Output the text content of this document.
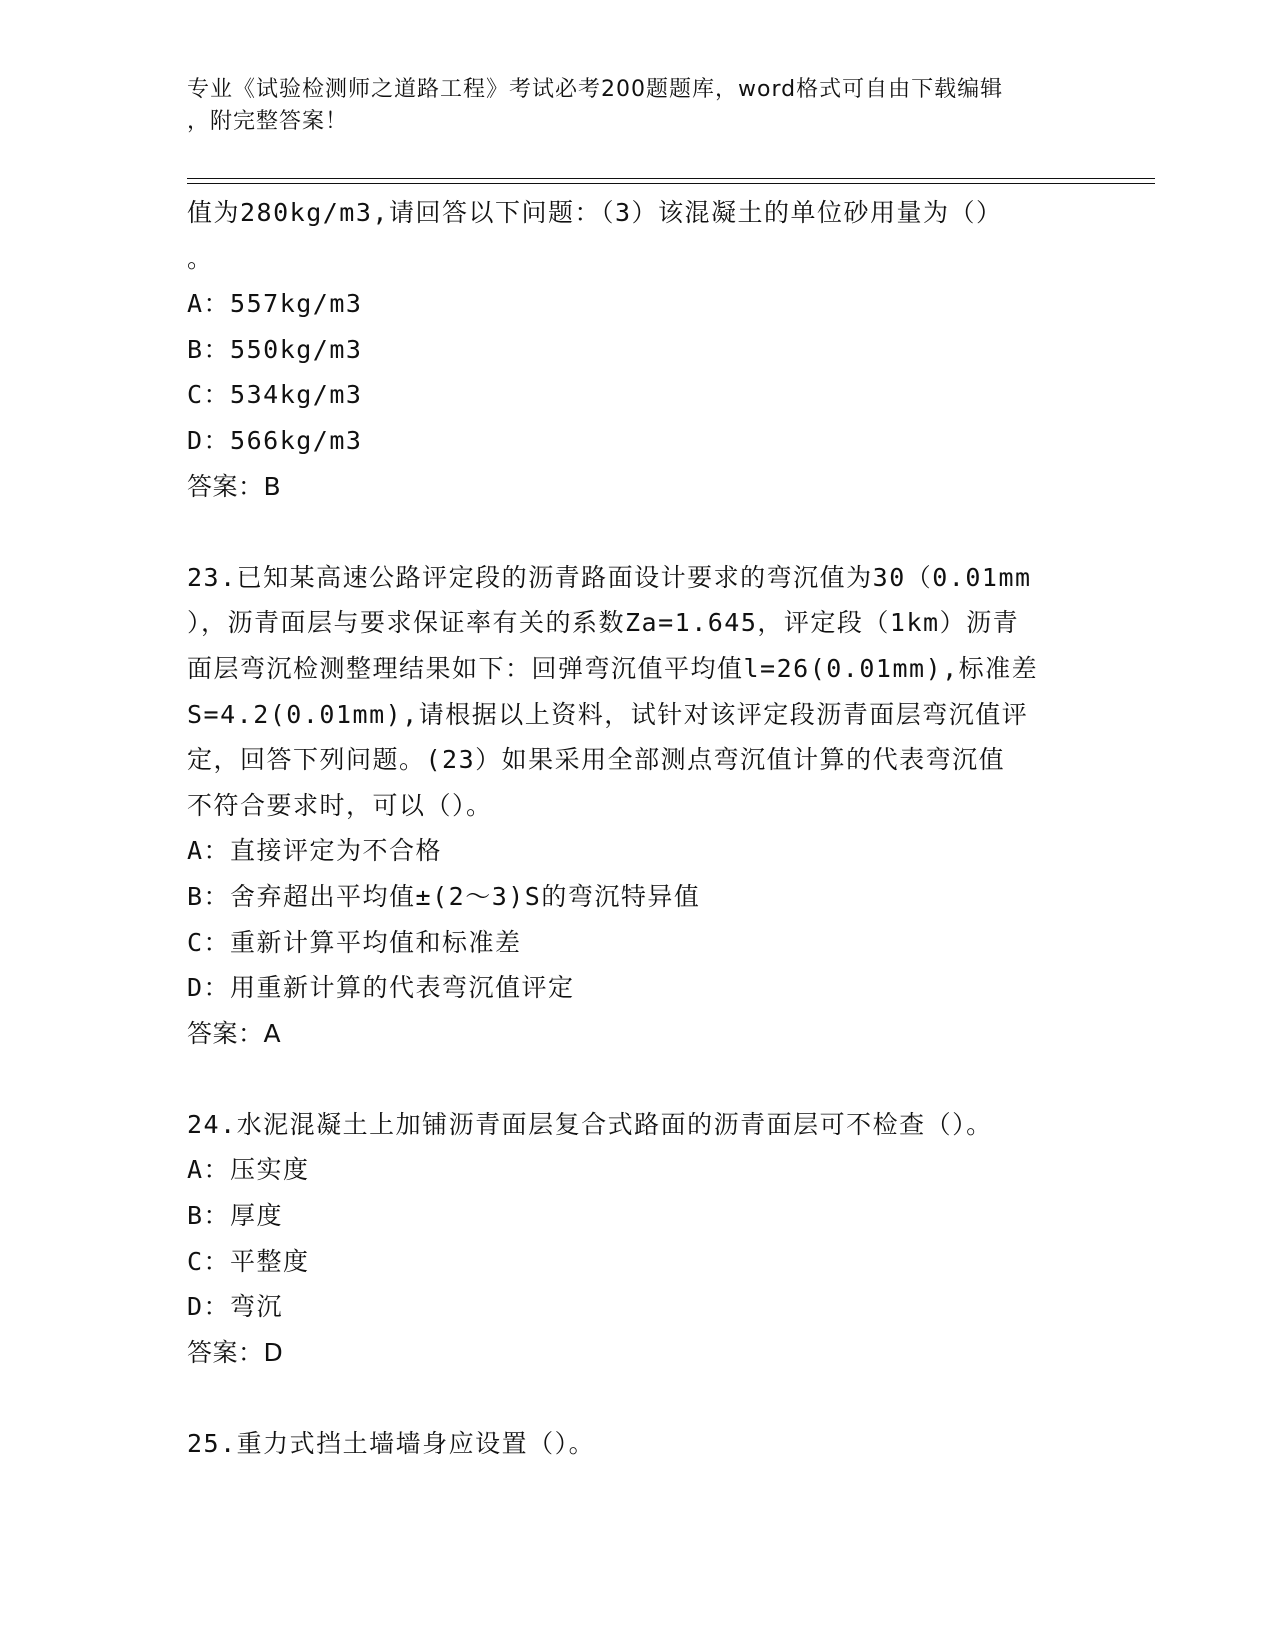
专业《试验检测师之道路工程》考试必考200题题库，word格式可自由下载编辑
，附完整答案！
值为280kg/m3,请回答以下问题：（3）该混凝土的单位砂用量为（）
。
A：557kg/m3
B：550kg/m3
C：534kg/m3
D：566kg/m3
答案：B
23.已知某高速公路评定段的沥青路面设计要求的弯沉值为30（0.01mm
），沥青面层与要求保证率有关的系数Za=1.645，评定段（1km）沥青
面层弯沉检测整理结果如下：回弹弯沉值平均值l=26(0.01mm),标准差
S=4.2(0.01mm),请根据以上资料，试针对该评定段沥青面层弯沉值评
定，回答下列问题。(23）如果采用全部测点弯沉值计算的代表弯沉值
不符合要求时，可以（）。
A：直接评定为不合格
B：舍弃超出平均值±(2～3)S的弯沉特异值
C：重新计算平均值和标准差
D：用重新计算的代表弯沉值评定
答案：A
24.水泥混凝土上加铺沥青面层复合式路面的沥青面层可不检查（）。
A：压实度
B：厚度
C：平整度
D：弯沉
答案：D
25.重力式挡土墙墙身应设置（）。
